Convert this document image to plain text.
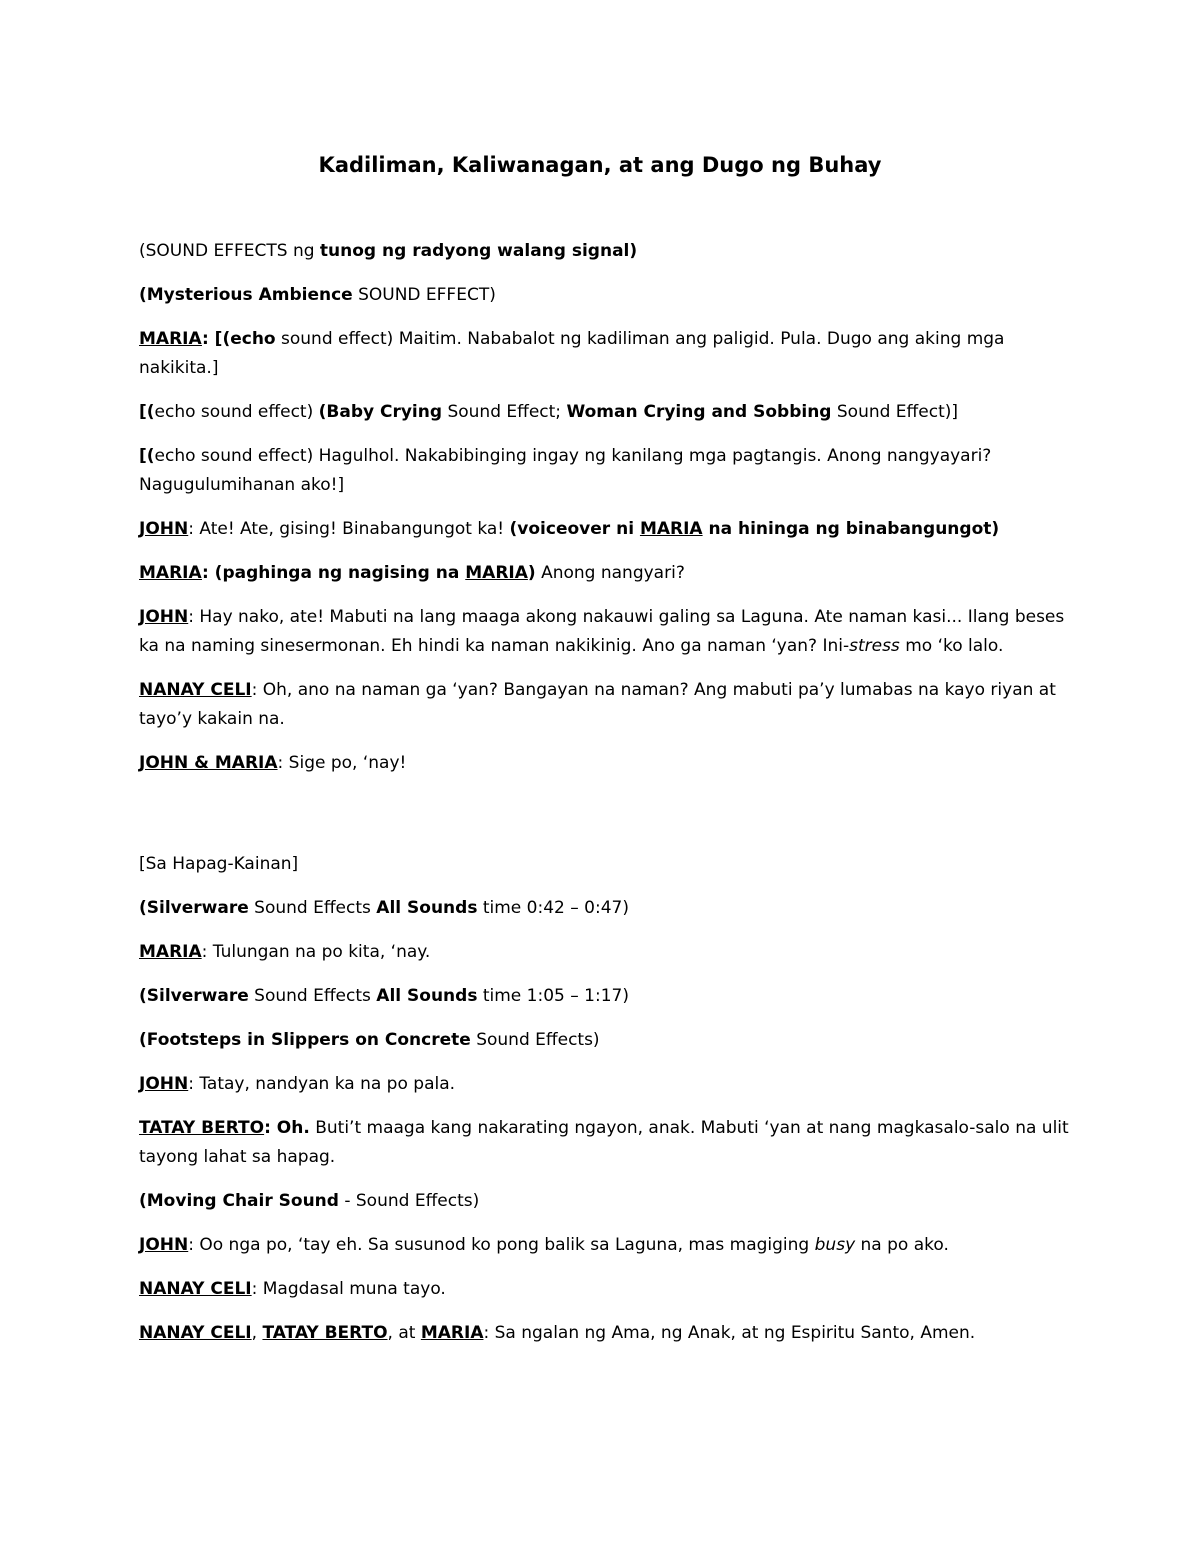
Kadiliman, Kaliwanagan, at ang Dugo ng Buhay

(SOUND EFFECTS ng tunog ng radyong walang signal)

(Mysterious Ambience SOUND EFFECT)

MARIA: [(echo sound effect) Maitim. Nababalot ng kadiliman ang paligid. Pula. Dugo ang aking mga nakikita.]

[(echo sound effect) (Baby Crying Sound Effect; Woman Crying and Sobbing Sound Effect)]

[(echo sound effect) Hagulhol. Nakabibinging ingay ng kanilang mga pagtangis. Anong nangyayari? Nagugulumihanan ako!]

JOHN: Ate! Ate, gising! Binabangungot ka! (voiceover ni MARIA na hininga ng binabangungot)

MARIA: (paghinga ng nagising na MARIA) Anong nangyari?

JOHN: Hay nako, ate! Mabuti na lang maaga akong nakauwi galing sa Laguna. Ate naman kasi... Ilang beses ka na naming sinesermonan. Eh hindi ka naman nakikinig. Ano ga naman ‘yan? Ini-stress mo ‘ko lalo.

NANAY CELI: Oh, ano na naman ga ‘yan? Bangayan na naman? Ang mabuti pa’y lumabas na kayo riyan at tayo’y kakain na.

JOHN & MARIA: Sige po, ‘nay!

[Sa Hapag-Kainan]

(Silverware Sound Effects All Sounds time 0:42 – 0:47)

MARIA: Tulungan na po kita, ‘nay.

(Silverware Sound Effects All Sounds time 1:05 – 1:17)

(Footsteps in Slippers on Concrete Sound Effects)

JOHN: Tatay, nandyan ka na po pala.

TATAY BERTO: Oh. Buti’t maaga kang nakarating ngayon, anak. Mabuti ‘yan at nang magkasalo-salo na ulit tayong lahat sa hapag.

(Moving Chair Sound - Sound Effects)

JOHN: Oo nga po, ‘tay eh. Sa susunod ko pong balik sa Laguna, mas magiging busy na po ako.

NANAY CELI: Magdasal muna tayo.

NANAY CELI, TATAY BERTO, at MARIA: Sa ngalan ng Ama, ng Anak, at ng Espiritu Santo, Amen.
